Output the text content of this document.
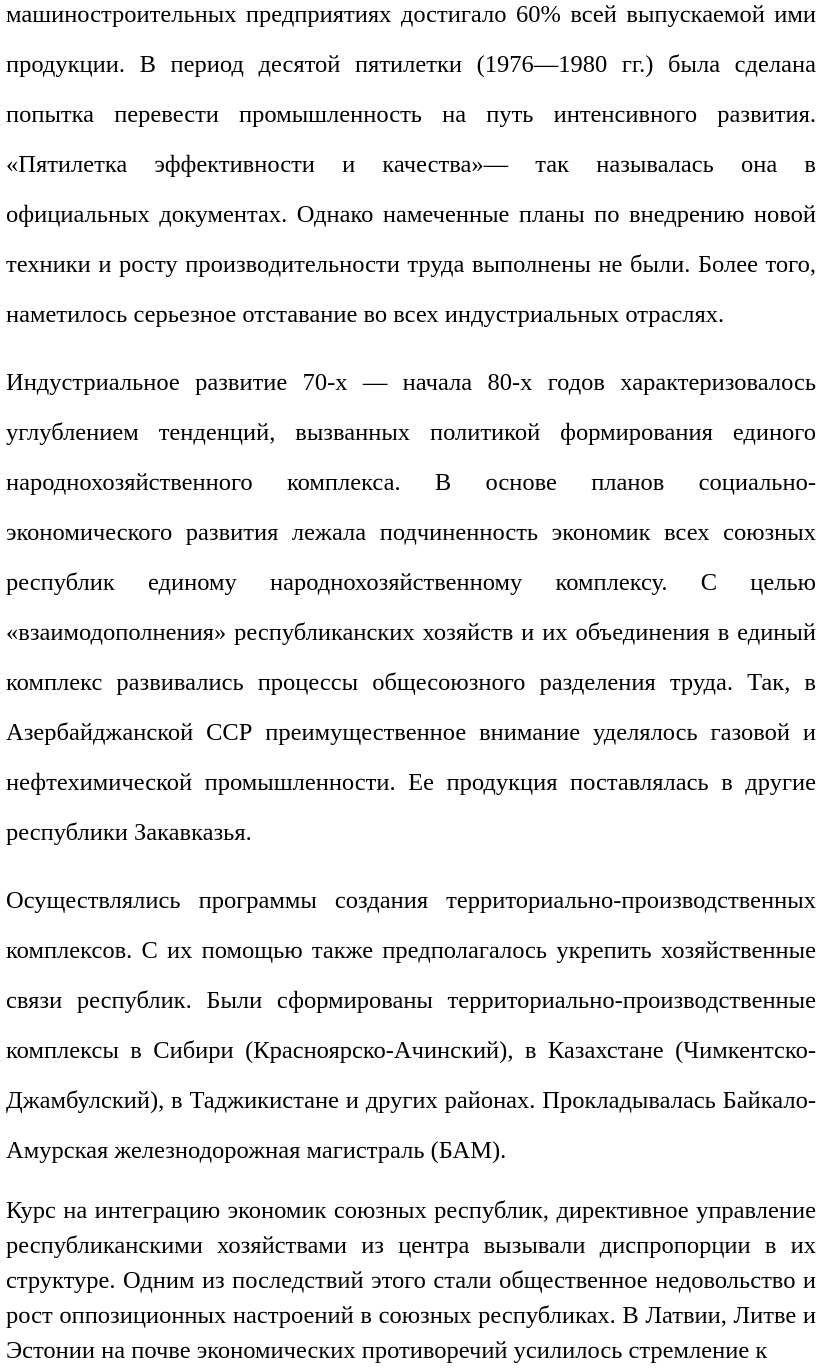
машиностроительных предприятиях достигало 60% всей выпускаемой ими продукции. В период десятой пятилетки (1976—1980 гг.) была сделана попытка перевести промышленность на путь интенсивного развития. «Пятилетка эффективности и качества»— так называлась она в официальных документах. Однако намеченные планы по внедрению новой техники и росту производительности труда выполнены не были. Более того, наметилось серьезное отставание во всех индустриальных отраслях.

Индустриальное развитие 70-х — начала 80-х годов характеризовалось углублением тенденций, вызванных политикой формирования единого народнохозяйственного комплекса. В основе планов социально-экономического развития лежала подчиненность экономик всех союзных республик единому народнохозяйственному комплексу. С целью «взаимодополнения» республиканских хозяйств и их объединения в единый комплекс развивались процессы общесоюзного разделения труда. Так, в Азербайджанской ССР преимущественное внимание уделялось газовой и нефтехимической промышленности. Ее продукция поставлялась в другие республики Закавказья.

Осуществлялись программы создания территориально-производственных комплексов. С их помощью также предполагалось укрепить хозяйственные связи республик. Были сформированы территориально-производственные комплексы в Сибири (Красноярско-Ачинский), в Казахстане (Чимкентско-Джамбулский), в Таджикистане и других районах. Прокладывалась Байкало-Амурская железнодорожная магистраль (БАМ).

Курс на интеграцию экономик союзных республик, директивное управление республиканскими хозяйствами из центра вызывали диспропорции в их структуре. Одним из последствий этого стали общественное недовольство и рост оппозиционных настроений в союзных республиках. В Латвии, Литве и Эстонии на почве экономических противоречий усилилось стремление к
